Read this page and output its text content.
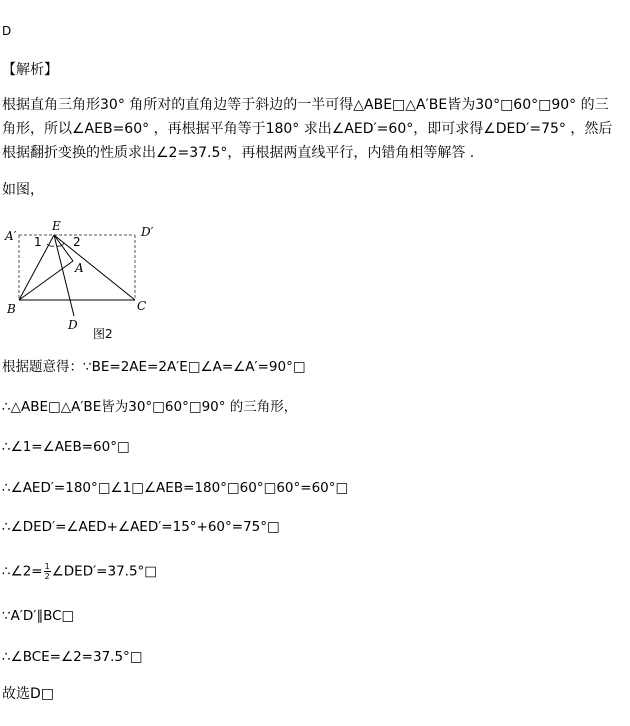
D
【解析】
根据直角三角形30° 角所对的直角边等于斜边的一半可得△ABE□△A′BE皆为30°□60°□90° 的三
角形，所以∠AEB=60° ，再根据平角等于180° 求出∠AED′=60°，即可求得∠DED′=75° ，然后
根据翻折变换的性质求出∠2=37.5°，再根据两直线平行，内错角相等解答 .
如图，
A′
E	D′
1	2
A
B	C
D
图2
根据题意得：∵BE=2AE=2A′E□∠A=∠A′=90°□
∴△ABE□△A′BE皆为30°□60°□90° 的三角形，
∴∠1=∠AEB=60°□
∴∠AED′=180°□∠1□∠AEB=180°□60°□60°=60°□
∴∠DED′=∠AED+∠AED′=15°+60°=75°□
∴∠2= $\frac{1}{2}$ ∠DED′=37.5°□
∵A′D′∥BC□
∴∠BCE=∠2=37.5°□
故选D□
